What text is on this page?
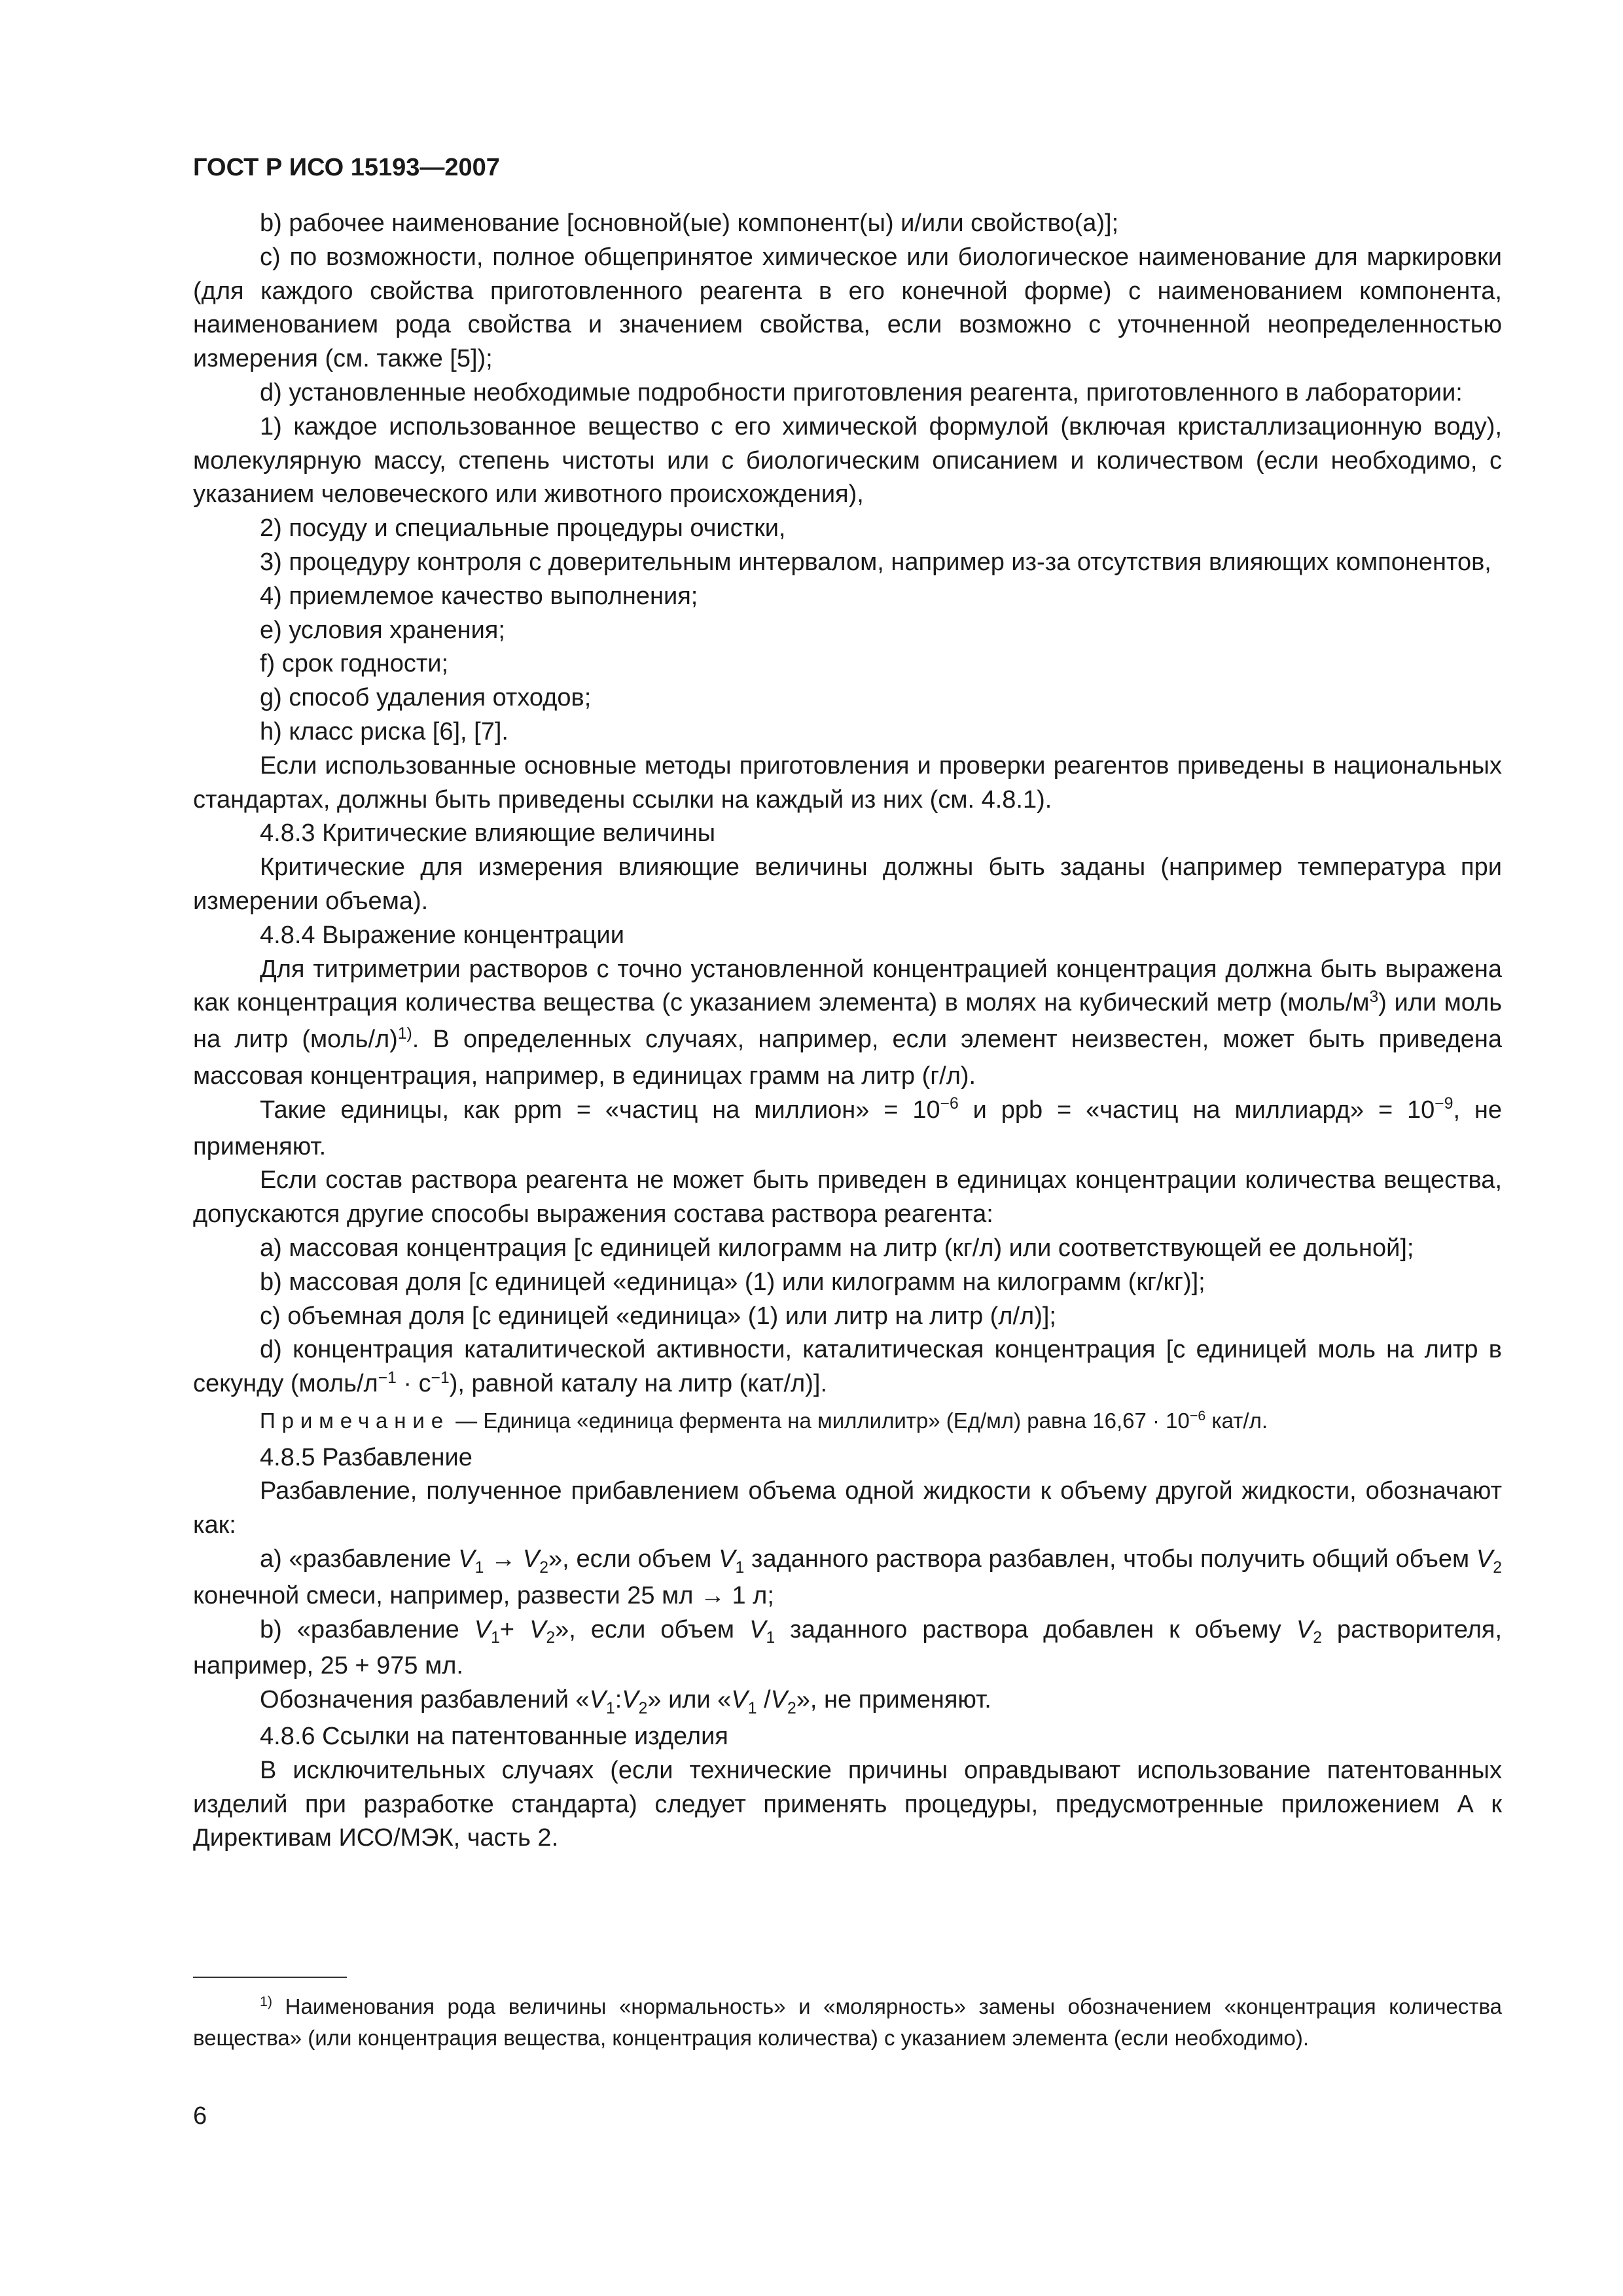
ГОСТ Р ИСО 15193—2007

b) рабочее наименование [основной(ые) компонент(ы) и/или свойство(а)];

c) по возможности, полное общепринятое химическое или биологическое наименование для маркировки (для каждого свойства приготовленного реагента в его конечной форме) с наименованием компонента, наименованием рода свойства и значением свойства, если возможно с уточненной неопределенностью измерения (см. также [5]);

d) установленные необходимые подробности приготовления реагента, приготовленного в лаборатории:

1) каждое использованное вещество с его химической формулой (включая кристаллизационную воду), молекулярную массу, степень чистоты или с биологическим описанием и количеством (если необходимо, с указанием человеческого или животного происхождения),

2) посуду и специальные процедуры очистки,

3) процедуру контроля с доверительным интервалом, например из-за отсутствия влияющих компонентов,

4) приемлемое качество выполнения;

e) условия хранения;

f) срок годности;

g) способ удаления отходов;

h) класс риска [6], [7].

Если использованные основные методы приготовления и проверки реагентов приведены в национальных стандартах, должны быть приведены ссылки на каждый из них (см. 4.8.1).

4.8.3 Критические влияющие величины

Критические для измерения влияющие величины должны быть заданы (например температура при измерении объема).

4.8.4 Выражение концентрации

Для титриметрии растворов с точно установленной концентрацией концентрация должна быть выражена как концентрация количества вещества (с указанием элемента) в молях на кубический метр $(моль/м^3)$ или моль на литр (моль/л)$^{1)}$. В определенных случаях, например, если элемент неизвестен, может быть приведена массовая концентрация, например, в единицах грамм на литр (г/л).

Такие единицы, как ppm = «частиц на миллион» = $10^{-6}$ и ppb = «частиц на миллиард» = $10^{-9}$, не применяют.

Если состав раствора реагента не может быть приведен в единицах концентрации количества вещества, допускаются другие способы выражения состава раствора реагента:

a) массовая концентрация [с единицей килограмм на литр (кг/л) или соответствующей ее дольной];

b) массовая доля [с единицей «единица» (1) или килограмм на килограмм (кг/кг)];

c) объемная доля [с единицей «единица» (1) или литр на литр (л/л)];

d) концентрация каталитической активности, каталитическая концентрация [с единицей моль на литр в секунду $(моль/л^{-1} \cdot с^{-1})$, равной каталу на литр (кат/л)].

Примечание — Единица «единица фермента на миллилитр» (Ед/мл) равна $16,67 \cdot 10^{-6}$ кат/л.

4.8.5 Разбавление

Разбавление, полученное прибавлением объема одной жидкости к объему другой жидкости, обозначают как:

a) «разбавление $V_1 \to V_2$», если объем $V_1$ заданного раствора разбавлен, чтобы получить общий объем $V_2$ конечной смеси, например, развести 25 мл → 1 л;

b) «разбавление $V_1+ V_2$», если объем $V_1$ заданного раствора добавлен к объему $V_2$ растворителя, например, 25 + 975 мл.

Обозначения разбавлений «$V_1:V_2$» или «$V_1$ $/V_2$», не применяют.

4.8.6 Ссылки на патентованные изделия

В исключительных случаях (если технические причины оправдывают использование патентованных изделий при разработке стандарта) следует применять процедуры, предусмотренные приложением А к Директивам ИСО/МЭК, часть 2.

$^{1)}$ Наименования рода величины «нормальность» и «молярность» замены обозначением «концентрация количества вещества» (или концентрация вещества, концентрация количества) с указанием элемента (если необходимо).

6
